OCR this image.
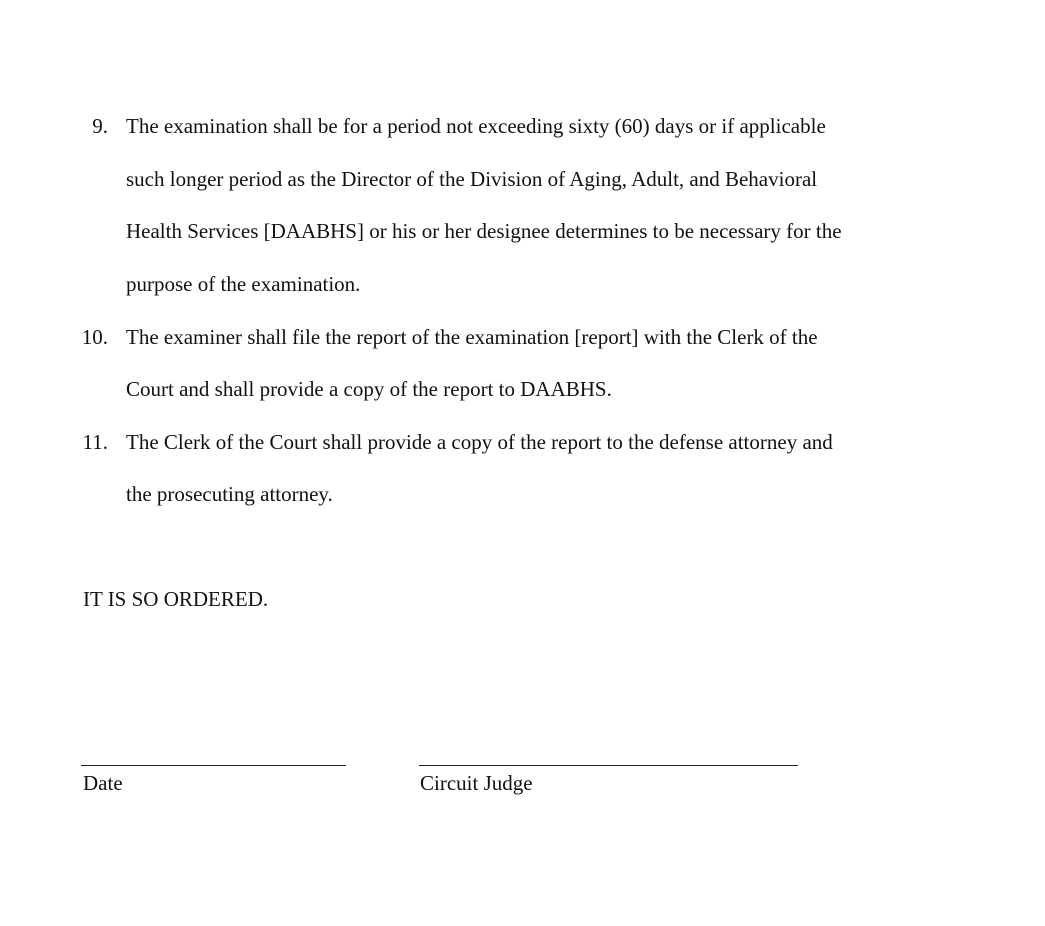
9. The examination shall be for a period not exceeding sixty (60) days or if applicable
such longer period as the Director of the Division of Aging, Adult, and Behavioral
Health Services [DAABHS] or his or her designee determines to be necessary for the
purpose of the examination.
10. The examiner shall file the report of the examination [report] with the Clerk of the
Court and shall provide a copy of the report to DAABHS.
11. The Clerk of the Court shall provide a copy of the report to the defense attorney and
the prosecuting attorney.
IT IS SO ORDERED.
Date	Circuit Judge
